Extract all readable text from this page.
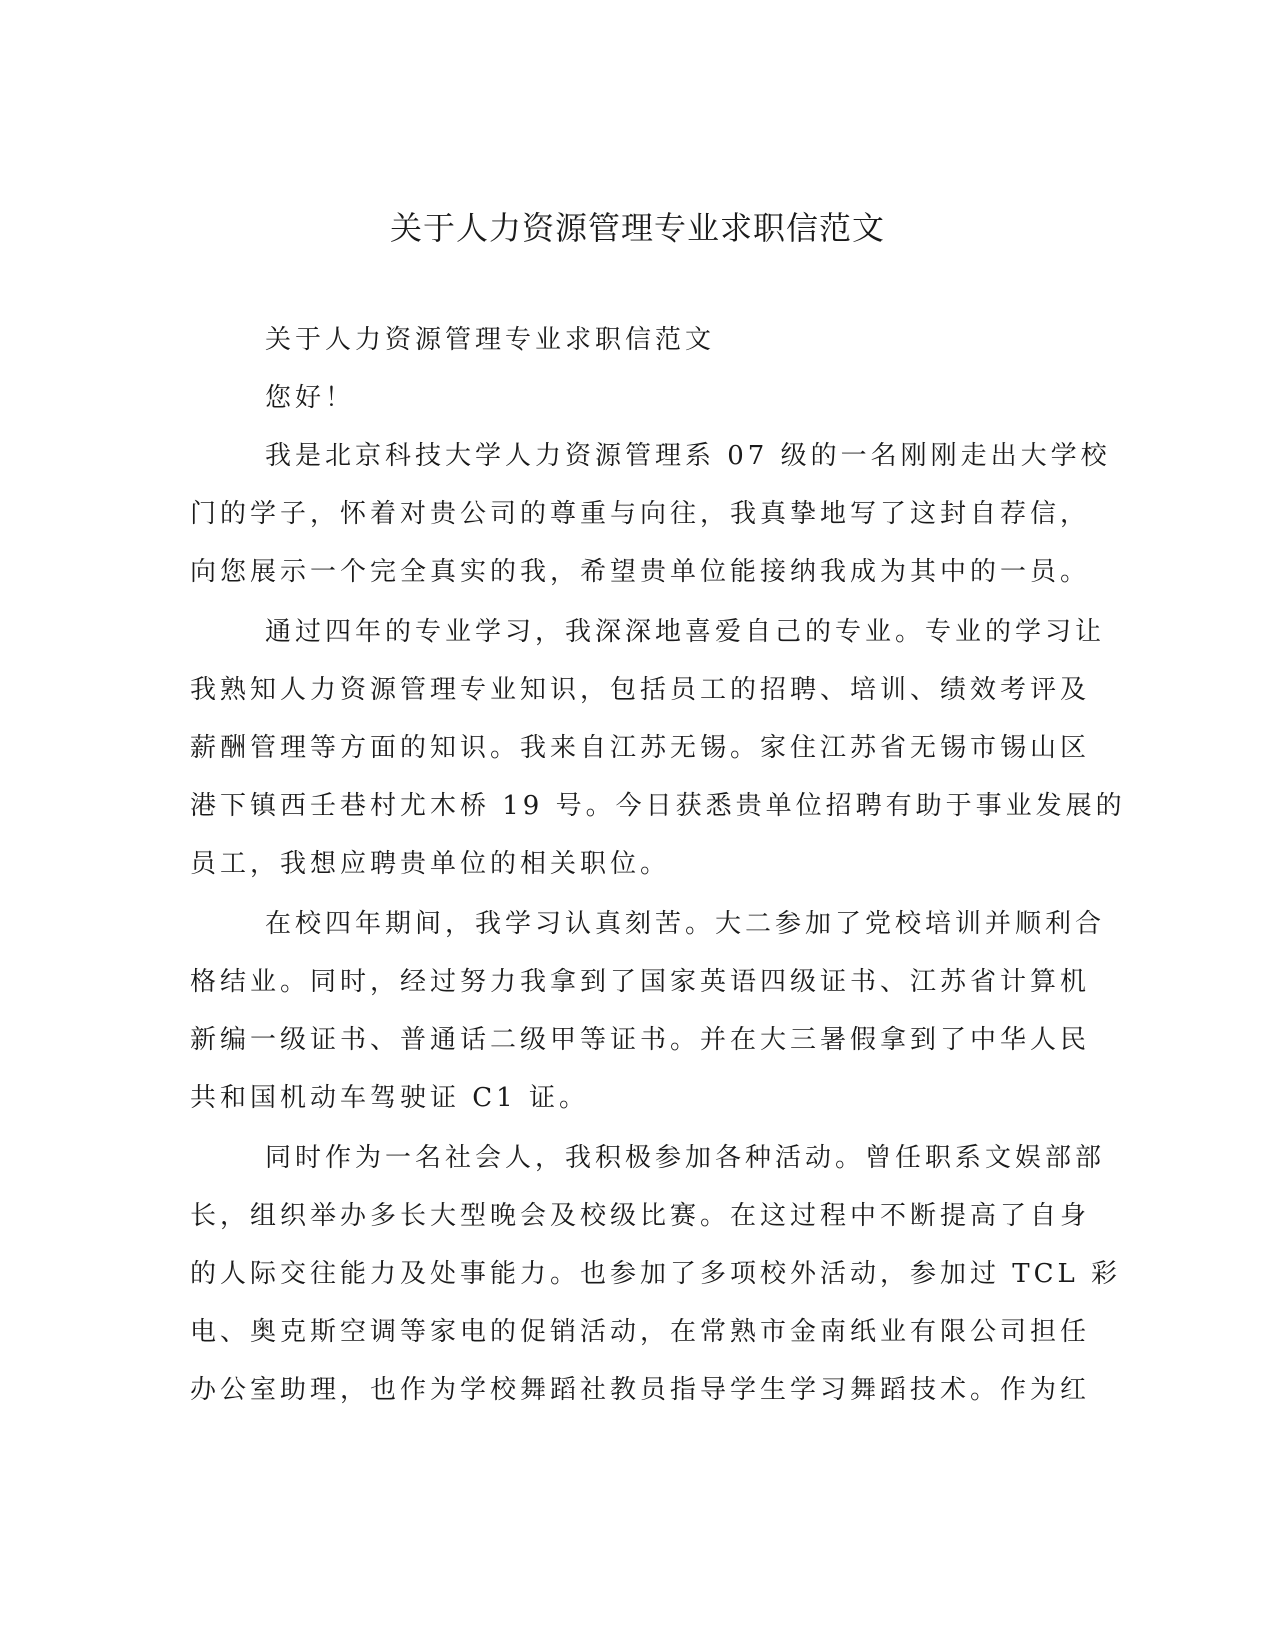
关于人力资源管理专业求职信范文
关于人力资源管理专业求职信范文
您好！
我是北京科技大学人力资源管理系 07 级的一名刚刚走出大学校
门的学子，怀着对贵公司的尊重与向往，我真挚地写了这封自荐信，
向您展示一个完全真实的我，希望贵单位能接纳我成为其中的一员。
通过四年的专业学习，我深深地喜爱自己的专业。专业的学习让
我熟知人力资源管理专业知识，包括员工的招聘、培训、绩效考评及
薪酬管理等方面的知识。我来自江苏无锡。家住江苏省无锡市锡山区
港下镇西壬巷村尤木桥 19 号。今日获悉贵单位招聘有助于事业发展的
员工，我想应聘贵单位的相关职位。
在校四年期间，我学习认真刻苦。大二参加了党校培训并顺利合
格结业。同时，经过努力我拿到了国家英语四级证书、江苏省计算机
新编一级证书、普通话二级甲等证书。并在大三暑假拿到了中华人民
共和国机动车驾驶证 C1 证。
同时作为一名社会人，我积极参加各种活动。曾任职系文娱部部
长，组织举办多长大型晚会及校级比赛。在这过程中不断提高了自身
的人际交往能力及处事能力。也参加了多项校外活动，参加过 TCL 彩
电、奥克斯空调等家电的促销活动，在常熟市金南纸业有限公司担任
办公室助理，也作为学校舞蹈社教员指导学生学习舞蹈技术。作为红
